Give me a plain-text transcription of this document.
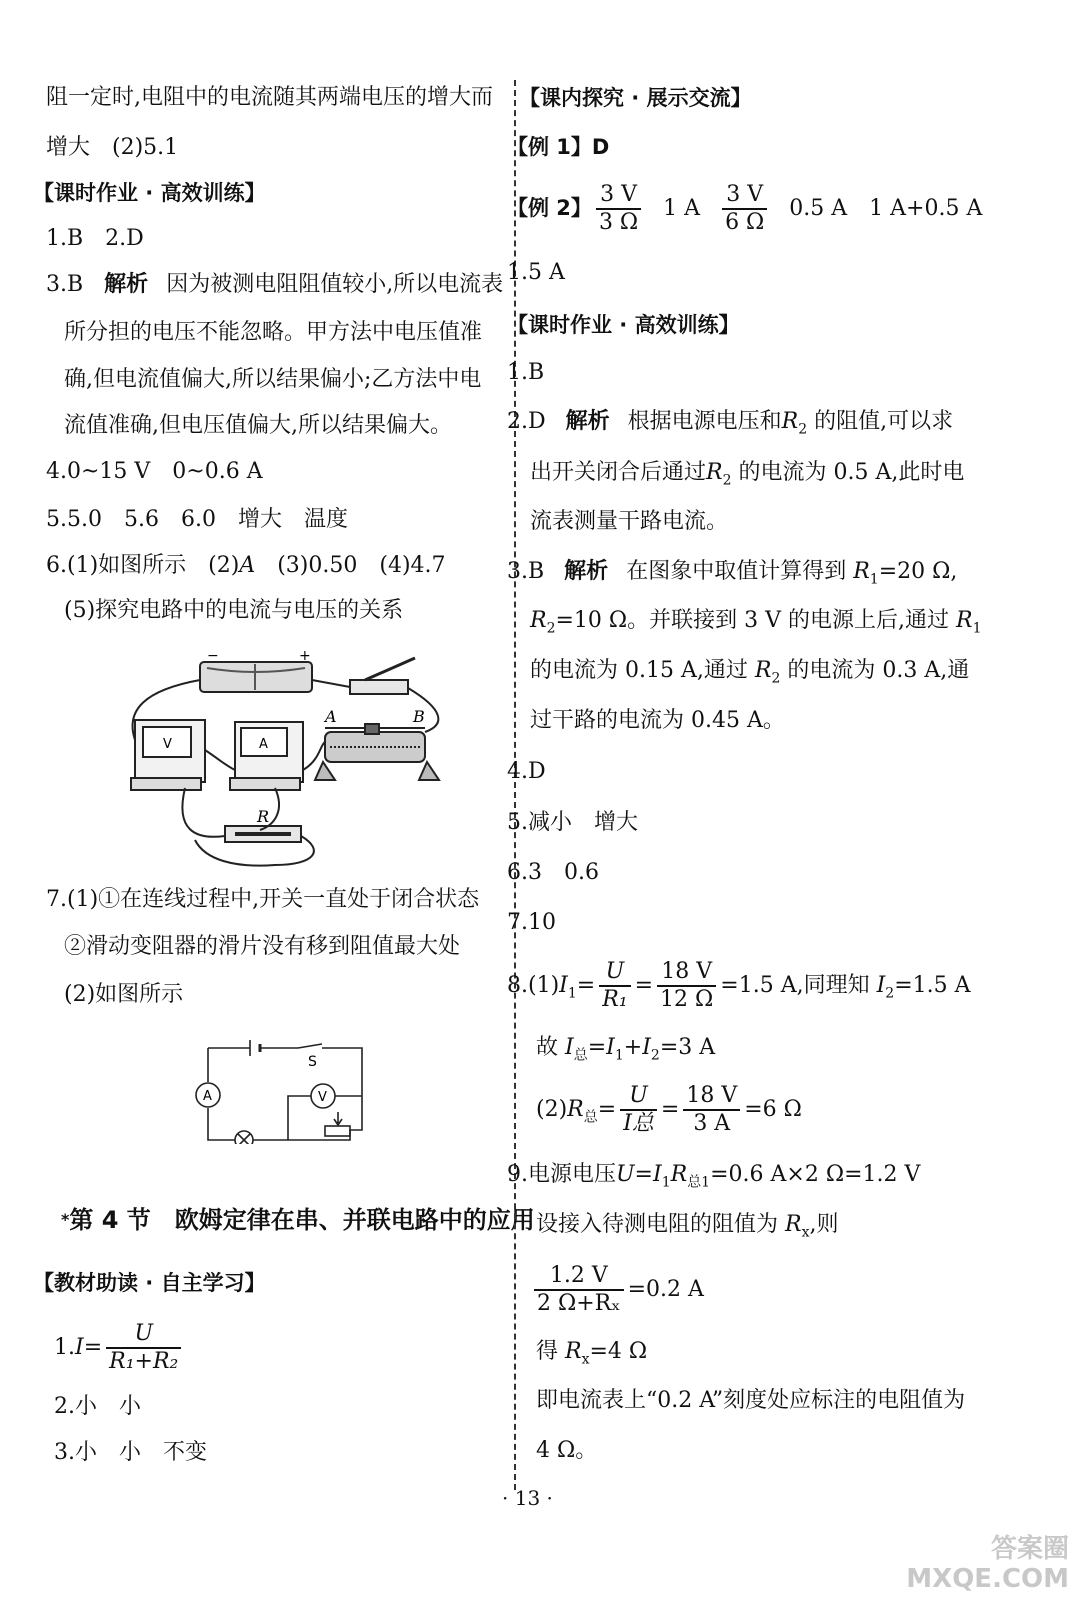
阻一定时,电阻中的电流随其两端电压的增大而
增大　(2)5.1
【课时作业 · 高效训练】
1.B　2.D
3.B 解析 因为被测电阻阻值较小,所以电流表
所分担的电压不能忽略。甲方法中电压值准
确,但电流值偏大,所以结果偏小;乙方法中电
流值准确,但电压值偏大,所以结果偏大。
4.0~15 V　0~0.6 A
5.5.0　5.6　6.0　增大　温度
6.(1)如图所示　(2)A　(3)0.50　(4)4.7
(5)探究电路中的电流与电压的关系
−	+
V	A
A	B
R
7.(1)①在连线过程中,开关一直处于闭合状态
②滑动变阻器的滑片没有移到阻值最大处
(2)如图所示
S
A	V
*第 4 节　欧姆定律在串、并联电路中的应用
【教材助读 · 自主学习】
$1.I= \frac{U}{\text{R₁+R₂}}$
2.小　小
3.小　小　不变
【课内探究 · 展示交流】
【例 1】D
【例 2】 $\frac{3 V}{3 \Omega} 1$ A $\frac{3 V}{6 \Omega} 0.5$ A　1 A+0.5 A
1.5 A
【课时作业 · 高效训练】
1.B
2.D 解析 根据电源电压和$R_2$ 的阻值,可以求
出开关闭合后通过$R_2$ 的电流为 0.5 A,此时电
流表测量干路电流。
3.B 解析 在图象中取值计算得到 $R_1=20$ Ω,
$R_2=10$ Ω。并联接到 3 V 的电源上后,通过 $R_1$
的电流为 0.15 A,通过 $R_2$ 的电流为 0.3 A,通
过干路的电流为 0.45 A。
4.D
5.减小　增大
6.3　0.6
7.10
$8.(1)I_1= \frac{U}{\text{R₁}} = \frac{18 V}{12 \Omega} =1.5$ A,同理知 $I_2=1.5$ A
故 $I_总=I_1+I_2=3$ A
$(2)R_总= \frac{U}{\text{I总}} = \frac{18 V}{3 A} =6$ Ω
9.电源电压$U=I_1R_{总1}=0.6$ A×2 Ω=1.2 V
设接入待测电阻的阻值为 $R_x$,则
$\frac{1.2 V}{\text{2 Ω+Rₓ}} =0.2$ A
得 $R_x=4$ Ω
即电流表上“0.2 A”刻度处应标注的电阻值为
4 Ω。
· 13 ·
答案圈
MXQE.COM
